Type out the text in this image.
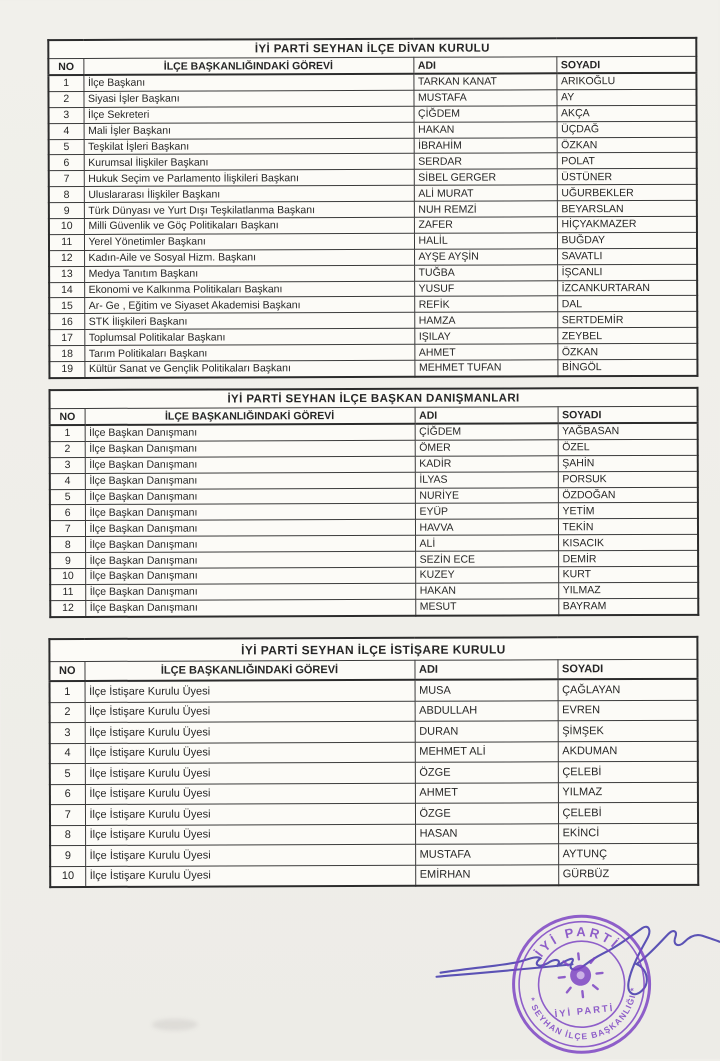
İYİ PARTİ SEYHAN İLÇE DİVAN KURULU			
NO	İLÇE BAŞKANLIĞINDAKİ GÖREVİ	ADI	SOYADI
1	İlçe Başkanı	TARKAN KANAT	ARIKOĞLU
2	Siyasi İşler Başkanı	MUSTAFA	AY
3	İlçe Sekreteri	ÇİĞDEM	AKÇA
4	Mali İşler Başkanı	HAKAN	ÜÇDAĞ
5	Teşkilat İşleri Başkanı	İBRAHİM	ÖZKAN
6	Kurumsal İlişkiler Başkanı	SERDAR	POLAT
7	Hukuk Seçim ve Parlamento İlişkileri Başkanı	SİBEL GERGER	ÜSTÜNER
8	Uluslararası İlişkiler Başkanı	ALİ MURAT	UĞURBEKLER
9	Türk Dünyası ve Yurt Dışı Teşkilatlanma Başkanı	NUH REMZİ	BEYARSLAN
10	Milli Güvenlik ve Göç Politikaları Başkanı	ZAFER	HİÇYAKMAZER
11	Yerel Yönetimler Başkanı	HALİL	BUĞDAY
12	Kadın-Aile ve Sosyal Hizm. Başkanı	AYŞE AYŞİN	SAVATLI
13	Medya Tanıtım Başkanı	TUĞBA	İŞCANLI
14	Ekonomi ve Kalkınma Politikaları Başkanı	YUSUF	İZCANKURTARAN
15	Ar- Ge , Eğitim ve Siyaset Akademisi Başkanı	REFİK	DAL
16	STK İlişkileri Başkanı	HAMZA	SERTDEMİR
17	Toplumsal Politikalar Başkanı	IŞILAY	ZEYBEL
18	Tarım Politikaları Başkanı	AHMET	ÖZKAN
19	Kültür Sanat ve Gençlik Politikaları Başkanı	MEHMET TUFAN	BİNGÖL
İYİ PARTİ SEYHAN İLÇE BAŞKAN DANIŞMANLARI			
NO	İLÇE BAŞKANLIĞINDAKİ GÖREVİ	ADI	SOYADI
1	İlçe Başkan Danışmanı	ÇİĞDEM	YAĞBASAN
2	İlçe Başkan Danışmanı	ÖMER	ÖZEL
3	İlçe Başkan Danışmanı	KADİR	ŞAHİN
4	İlçe Başkan Danışmanı	İLYAS	PORSUK
5	İlçe Başkan Danışmanı	NURİYE	ÖZDOĞAN
6	İlçe Başkan Danışmanı	EYÜP	YETİM
7	İlçe Başkan Danışmanı	HAVVA	TEKİN
8	İlçe Başkan Danışmanı	ALİ	KISACIK
9	İlçe Başkan Danışmanı	SEZİN ECE	DEMİR
10	İlçe Başkan Danışmanı	KUZEY	KURT
11	İlçe Başkan Danışmanı	HAKAN	YILMAZ
12	İlçe Başkan Danışmanı	MESUT	BAYRAM
İYİ PARTİ SEYHAN İLÇE İSTİŞARE KURULU			
NO	İLÇE BAŞKANLIĞINDAKİ GÖREVİ	ADI	SOYADI
1	İlçe İstişare Kurulu Üyesi	MUSA	ÇAĞLAYAN
2	İlçe İstişare Kurulu Üyesi	ABDULLAH	EVREN
3	İlçe İstişare Kurulu Üyesi	DURAN	ŞİMŞEK
4	İlçe İstişare Kurulu Üyesi	MEHMET ALİ	AKDUMAN
5	İlçe İstişare Kurulu Üyesi	ÖZGE	ÇELEBİ
6	İlçe İstişare Kurulu Üyesi	AHMET	YILMAZ
7	İlçe İstişare Kurulu Üyesi	ÖZGE	ÇELEBİ
8	İlçe İstişare Kurulu Üyesi	HASAN	EKİNCİ
9	İlçe İstişare Kurulu Üyesi	MUSTAFA	AYTUNÇ
10	İlçe İstişare Kurulu Üyesi	EMİRHAN	GÜRBÜZ
İYİ PARTİ
* SEYHAN İLÇE BAŞKANLIĞI *
İYİ PARTİ
